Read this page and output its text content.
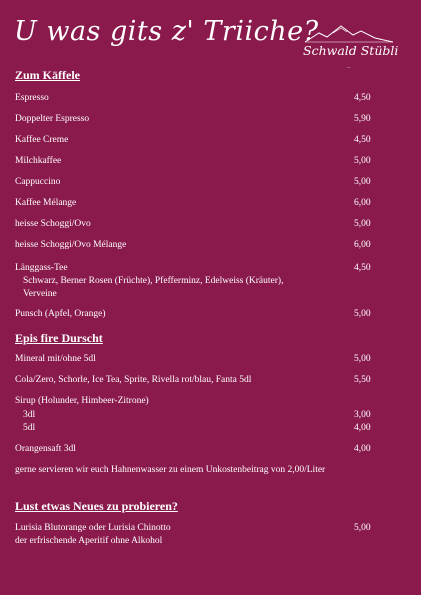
U was gits z' Triiche?
Schwald Stübli
—
Zum Käffele
Espresso	4,50
Doppelter Espresso	5,90
Kaffee Creme	4,50
Milchkaffee	5,00
Cappuccino	5,00
Kaffee Mélange	6,00
heisse Schoggi/Ovo	5,00
heisse Schoggi/Ovo Mélange	6,00
Länggass-Tee	4,50
Schwarz, Berner Rosen (Früchte), Pfefferminz, Edelweiss (Kräuter),
Verveine
Punsch (Apfel, Orange)	5,00
Epis fire Durscht
Mineral mit/ohne 5dl	5,00
Cola/Zero, Schorle, Ice Tea, Sprite, Rivella rot/blau, Fanta 5dl	5,50
Sirup (Holunder, Himbeer-Zitrone)
3dl	3,00
5dl	4,00
Orangensaft 3dl	4,00
gerne servieren wir euch Hahnenwasser zu einem Unkostenbeitrag von 2,00/Liter
Lust etwas Neues zu probieren?
Lurisia Blutorange oder Lurisia Chinotto	5,00
der erfrischende Aperitif ohne Alkohol
